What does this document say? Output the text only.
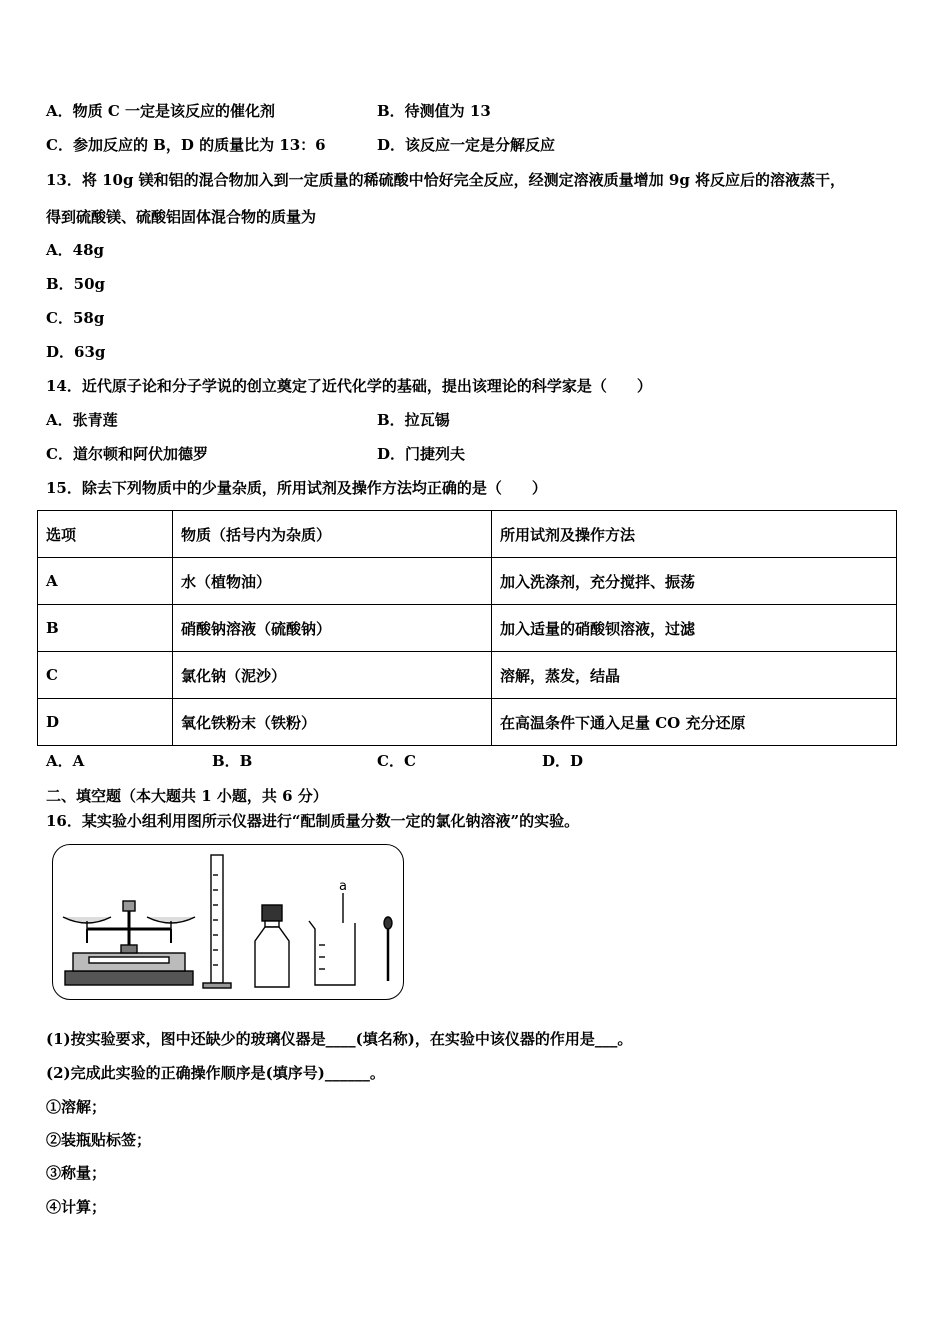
A．物质 C 一定是该反应的催化剂	B．待测值为 13
C．参加反应的 B，D 的质量比为 13：6	D．该反应一定是分解反应
13．将 10g 镁和铝的混合物加入到一定质量的稀硫酸中恰好完全反应，经测定溶液质量增加 9g 将反应后的溶液蒸干，
得到硫酸镁、硫酸铝固体混合物的质量为
A．48g
B．50g
C．58g
D．63g
14．近代原子论和分子学说的创立奠定了近代化学的基础，提出该理论的科学家是（　　）
A．张青莲	B．拉瓦锡
C．道尔顿和阿伏加德罗	D．门捷列夫
15．除去下列物质中的少量杂质，所用试剂及操作方法均正确的是（　　）
选项	物质（括号内为杂质）	所用试剂及操作方法
A	水（植物油）	加入洗涤剂，充分搅拌、振荡
B	硝酸钠溶液（硫酸钠）	加入适量的硝酸钡溶液，过滤
C	氯化钠（泥沙）	溶解，蒸发，结晶
D	氧化铁粉末（铁粉）	在高温条件下通入足量 CO 充分还原
A．A	B．B	C．C	D．D
二、填空题（本大题共 1 小题，共 6 分）
16．某实验小组利用图所示仪器进行“配制质量分数一定的氯化钠溶液”的实验。
a
(1)按实验要求，图中还缺少的玻璃仪器是____(填名称)，在实验中该仪器的作用是___。
(2)完成此实验的正确操作顺序是(填序号)______。
①溶解；
②装瓶贴标签；
③称量；
④计算；
